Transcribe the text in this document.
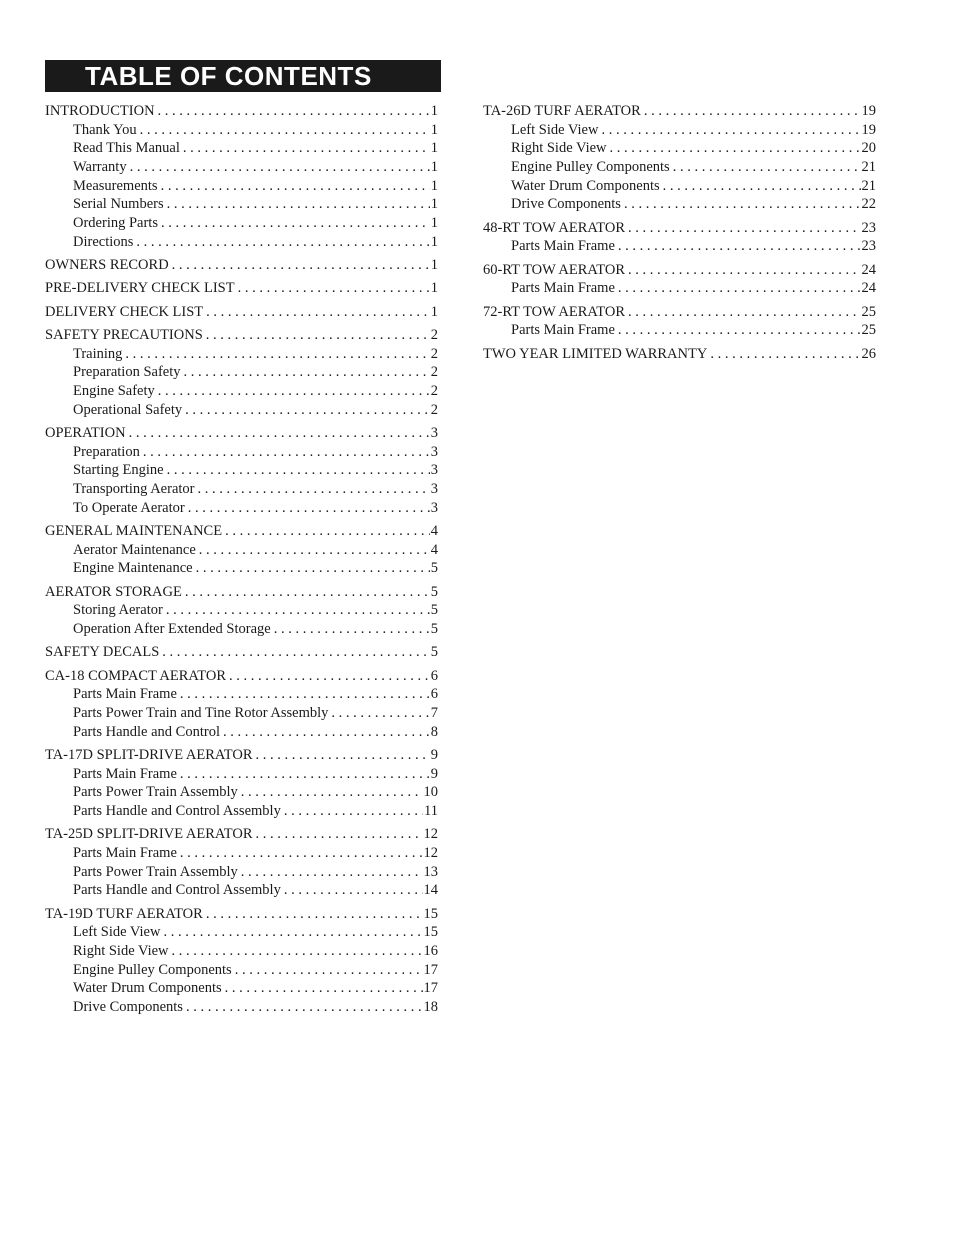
TABLE OF CONTENTS
INTRODUCTION . . .	1
Thank You . . .	1
Read This Manual . . .	1
Warranty . . .	1
Measurements . . .	1
Serial Numbers . . .	1
Ordering Parts . . .	1
Directions . . .	1
OWNERS RECORD . . .	1
PRE-DELIVERY CHECK LIST . . .	1
DELIVERY CHECK LIST . . .	1
SAFETY PRECAUTIONS . . .	2
Training . . .	2
Preparation Safety . . .	2
Engine Safety . . .	2
Operational Safety . . .	2
OPERATION . . .	3
Preparation . . .	3
Starting Engine . . .	3
Transporting Aerator . . .	3
To Operate Aerator . . .	3
GENERAL MAINTENANCE . . .	4
Aerator Maintenance . . .	4
Engine Maintenance . . .	5
AERATOR STORAGE . . .	5
Storing Aerator . . .	5
Operation After Extended Storage . . .	5
SAFETY DECALS . . .	5
CA-18 COMPACT AERATOR . . .	6
Parts Main Frame . . .	6
Parts Power Train and Tine Rotor Assembly . . .	7
Parts Handle and Control . . .	8
TA-17D SPLIT-DRIVE AERATOR . . .	9
Parts Main Frame . . .	9
Parts Power Train Assembly . . .	10
Parts Handle and Control Assembly . . .	11
TA-25D SPLIT-DRIVE AERATOR . . .	12
Parts Main Frame . . .	12
Parts Power Train Assembly . . .	13
Parts Handle and Control Assembly . . .	14
TA-19D TURF AERATOR . . .	15
Left Side View . . .	15
Right Side View . . .	16
Engine Pulley Components . . .	17
Water Drum Components . . .	17
Drive Components . . .	18
TA-26D TURF AERATOR . . .	19
Left Side View . . .	19
Right Side View . . .	20
Engine Pulley Components . . .	21
Water Drum Components . . .	21
Drive Components . . .	22
48-RT TOW AERATOR . . .	23
Parts Main Frame . . .	23
60-RT TOW AERATOR . . .	24
Parts Main Frame . . .	24
72-RT TOW AERATOR . . .	25
Parts Main Frame . . .	25
TWO YEAR LIMITED WARRANTY . . .	26
